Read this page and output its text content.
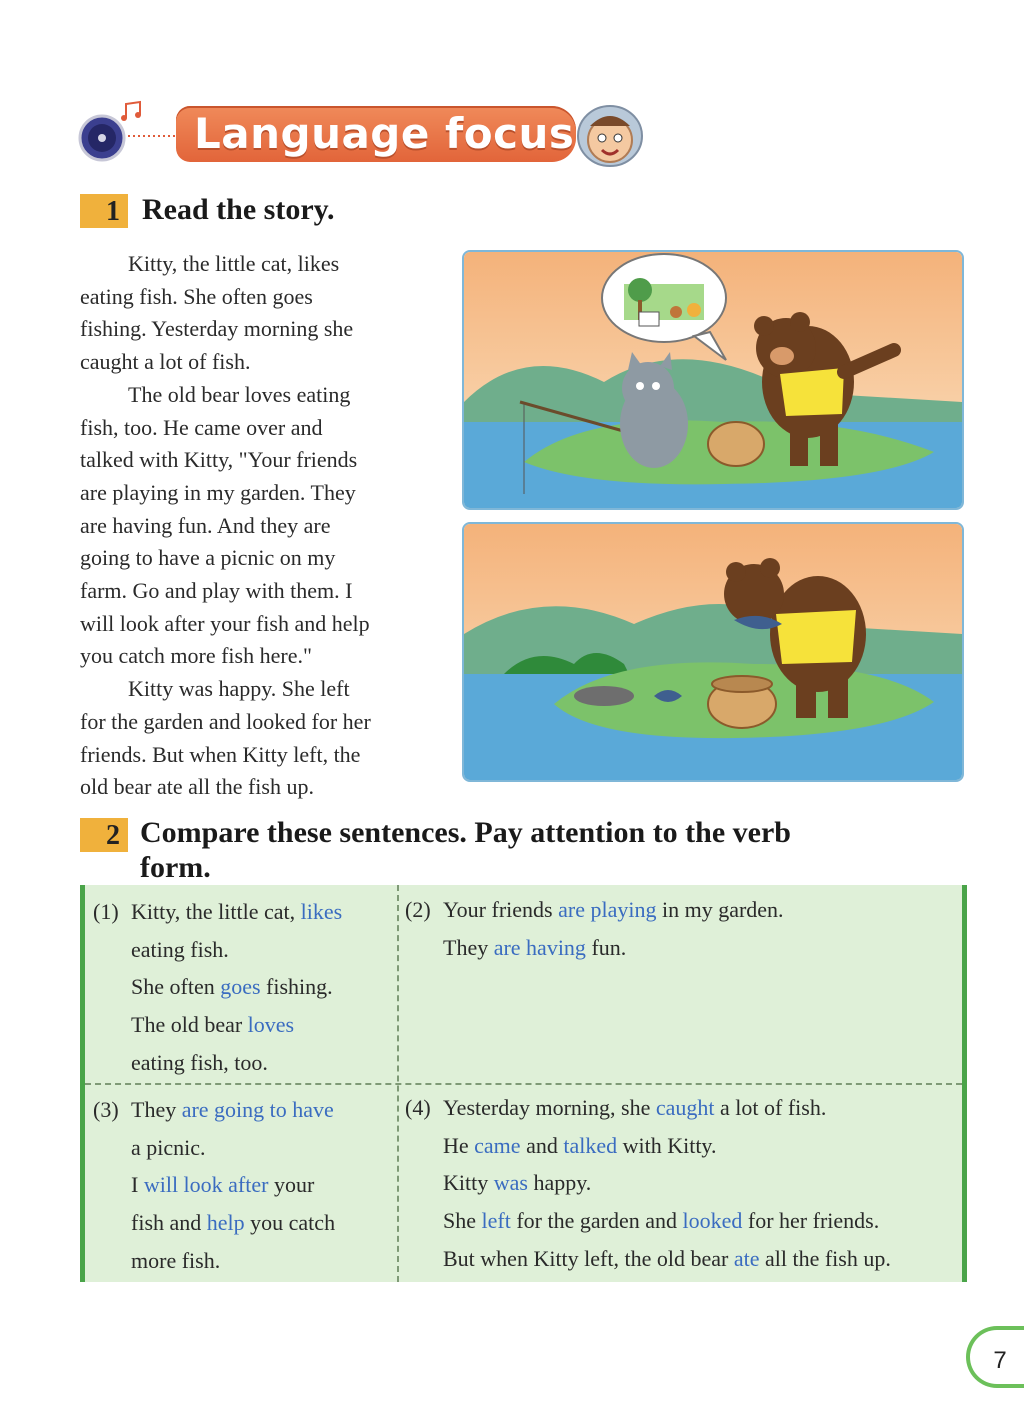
Language focus
1 Read the story.
Kitty, the little cat, likes
eating fish. She often goes
fishing. Yesterday morning she
caught a lot of fish.
The old bear loves eating
fish, too. He came over and
talked with Kitty, "Your friends
are playing in my garden. They
are having fun. And they are
going to have a picnic on my
farm. Go and play with them. I
will look after your fish and help
you catch more fish here."
Kitty was happy. She left
for the garden and looked for her
friends. But when Kitty left, the
old bear ate all the fish up.
2 Compare these sentences. Pay attention to the verb
form.
(1) Kitty, the little cat, likes
eating fish.
She often goes fishing.
The old bear loves
eating fish, too.
(2) Your friends are playing in my garden.
They are having fun.
(3) They are going to have
a picnic.
I will look after your
fish and help you catch
more fish.
(4) Yesterday morning, she caught a lot of fish.
He came and talked with Kitty.
Kitty was happy.
She left for the garden and looked for her friends.
But when Kitty left, the old bear ate all the fish up.
7
